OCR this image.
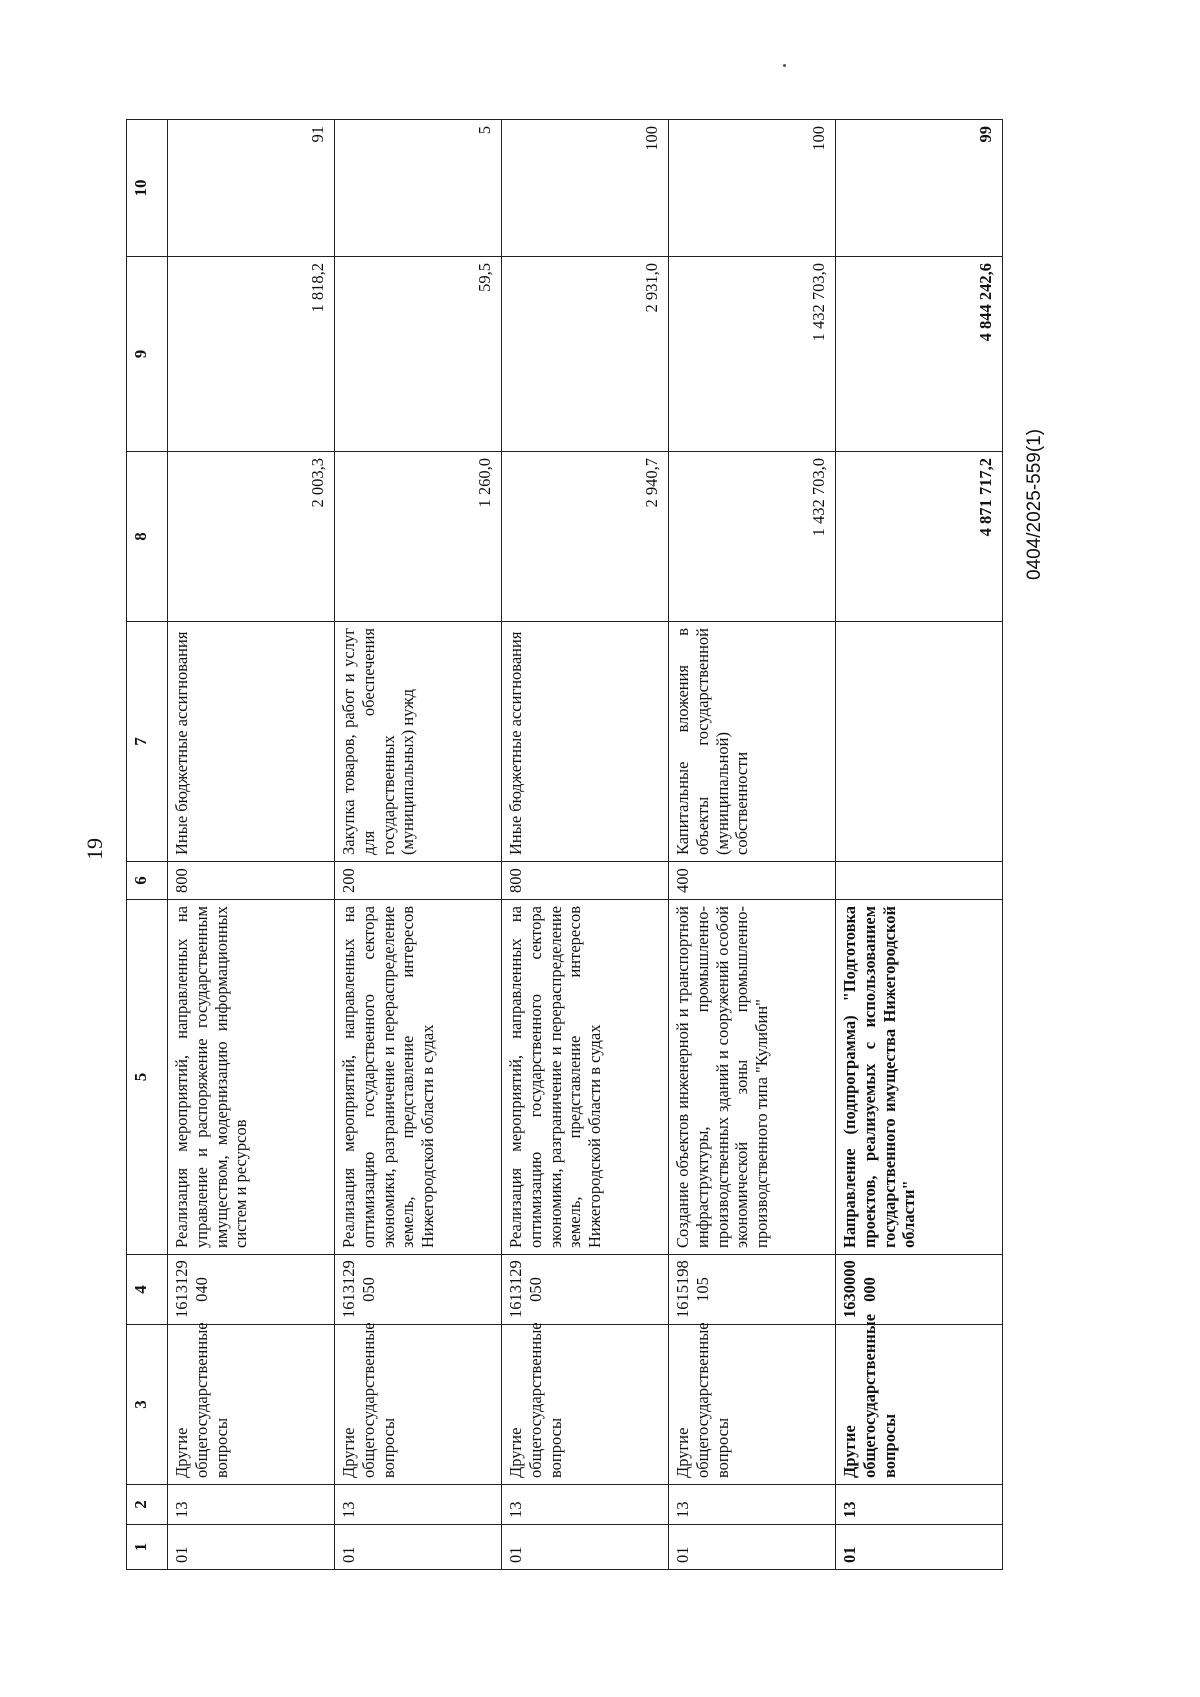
19
0404/2025-559(1)
1	2	3	4	5	6	7	8	9	10
01	13	Другие общегосударственные вопросы	1613129 040	Реализация мероприятий, направленных на управление и распоряжение государственным имуществом, модернизацию информационных систем и ресурсов	800	Иные бюджетные ассигнования	2 003,3	1 818,2	91
01	13	Другие общегосударственные вопросы	1613129 050	Реализация мероприятий, направленных на оптимизацию государственного сектора экономики, разграничение и перераспределение земель, представление интересов Нижегородской области в судах	200	Закупка товаров, работ и услуг для обеспечения государственных (муниципальных) нужд	1 260,0	59,5	5
01	13	Другие общегосударственные вопросы	1613129 050	Реализация мероприятий, направленных на оптимизацию государственного сектора экономики, разграничение и перераспределение земель, представление интересов Нижегородской области в судах	800	Иные бюджетные ассигнования	2 940,7	2 931,0	100
01	13	Другие общегосударственные вопросы	1615198 105	Создание объектов инженерной и транспортной инфраструктуры, промышленно-производственных зданий и сооружений особой экономической зоны промышленно-производственного типа "Кулибин"	400	Капитальные вложения в объекты государственной (муниципальной) собственности	1 432 703,0	1 432 703,0	100
01	13	Другие общегосударственные вопросы	1630000 000	Направление (подпрограмма) "Подготовка проектов, реализуемых с использованием государственного имущества Нижегородской области"			4 871 717,2	4 844 242,6	99
